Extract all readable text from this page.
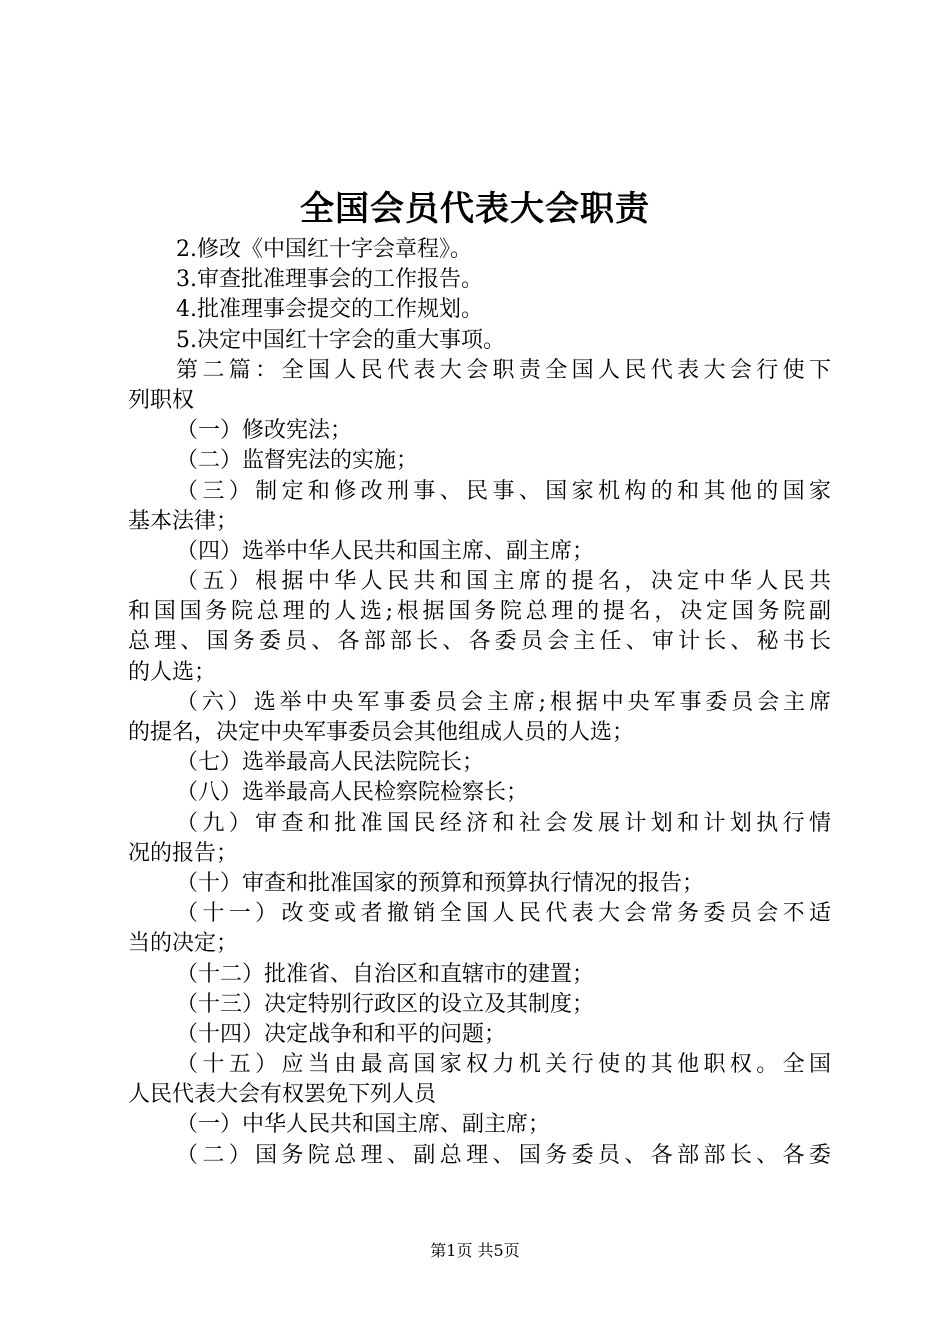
全国会员代表大会职责
2.修改《中国红十字会章程》。
3.审查批准理事会的工作报告。
4.批准理事会提交的工作规划。
5.决定中国红十字会的重大事项。
第二篇：全国人民代表大会职责全国人民代表大会行使下
列职权
（一）修改宪法；
（二）监督宪法的实施；
（三）制定和修改刑事、民事、国家机构的和其他的国家
基本法律；
（四）选举中华人民共和国主席、副主席；
（五）根据中华人民共和国主席的提名，决定中华人民共
和国国务院总理的人选;根据国务院总理的提名，决定国务院副
总理、国务委员、各部部长、各委员会主任、审计长、秘书长
的人选；
（六）选举中央军事委员会主席;根据中央军事委员会主席
的提名，决定中央军事委员会其他组成人员的人选；
（七）选举最高人民法院院长；
（八）选举最高人民检察院检察长；
（九）审查和批准国民经济和社会发展计划和计划执行情
况的报告；
（十）审查和批准国家的预算和预算执行情况的报告；
（十一）改变或者撤销全国人民代表大会常务委员会不适
当的决定；
（十二）批准省、自治区和直辖市的建置；
（十三）决定特别行政区的设立及其制度；
（十四）决定战争和和平的问题；
（十五）应当由最高国家权力机关行使的其他职权。全国
人民代表大会有权罢免下列人员
（一）中华人民共和国主席、副主席；
（二）国务院总理、副总理、国务委员、各部部长、各委
第1页 共5页
